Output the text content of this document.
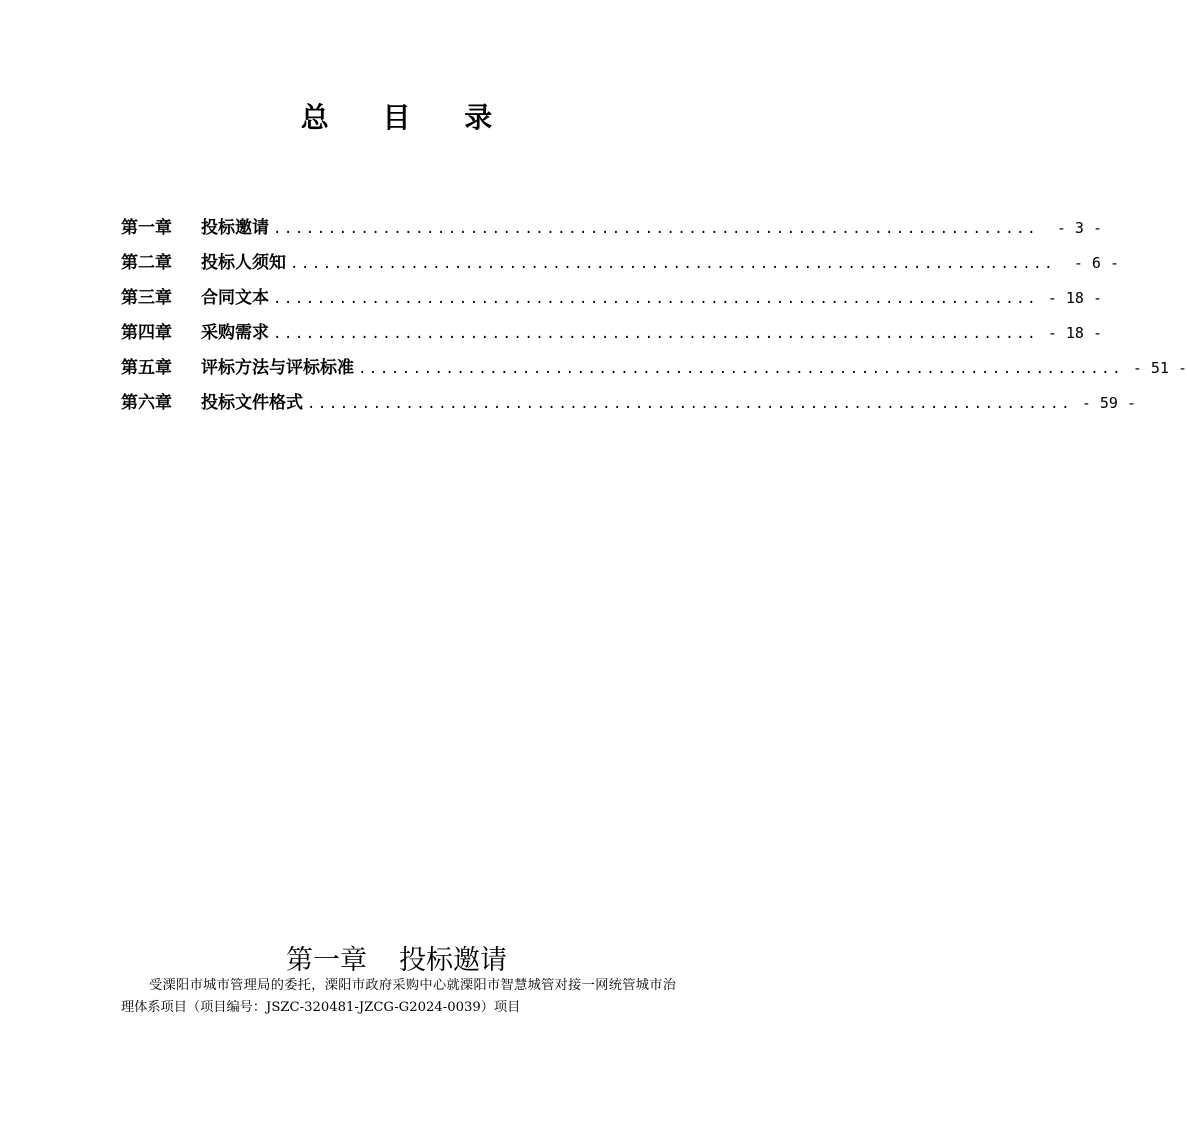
总 目 录
第一章	投标邀请 ......................................................................	- 3 -
第二章	投标人须知 ......................................................................	- 6 -
第三章	合同文本 ...................................................................... - 18 -
第四章	采购需求 ...................................................................... - 18 -
第五章	评标方法与评标标准 ...................................................................... - 51 -
第六章	投标文件格式 ...................................................................... - 59 -
第一章 投标邀请
受溧阳市城市管理局的委托，溧阳市政府采购中心就溧阳市智慧城管对接一网统管城市治理体系项目（项目编号：JSZC-320481-JZCG-G2024-0039）项目
